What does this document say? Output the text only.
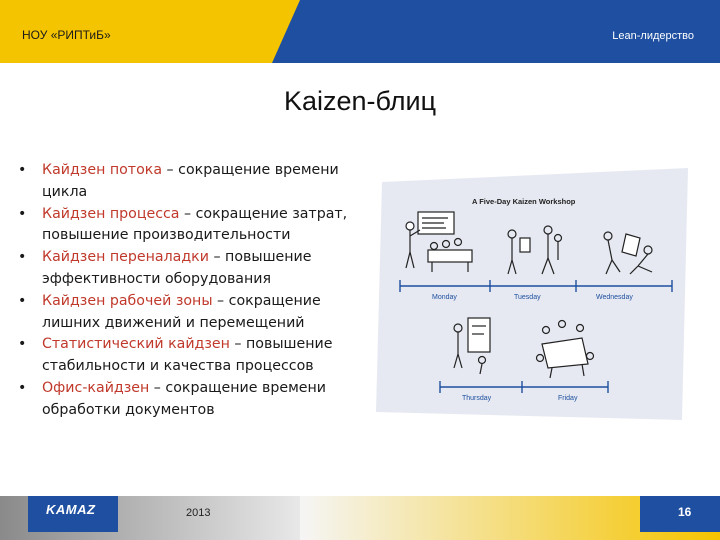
НОУ «РИПТиБ»	Lean-лидерство
Kaizen-блиц
• Кайдзен потока – сокращение времени цикла
• Кайдзен процесса – сокращение затрат, повышение производительности
• Кайдзен переналадки – повышение эффективности оборудования
• Кайдзен рабочей зоны – сокращение лишних движений и перемещений
• Статистический кайдзен – повышение стабильности и качества процессов
• Офис-кайдзен – сокращение времени обработки документов
A Five-Day Kaizen Workshop
Monday	Tuesday	Wednesday
Thursday	Friday
KAMAZ	2013	16
